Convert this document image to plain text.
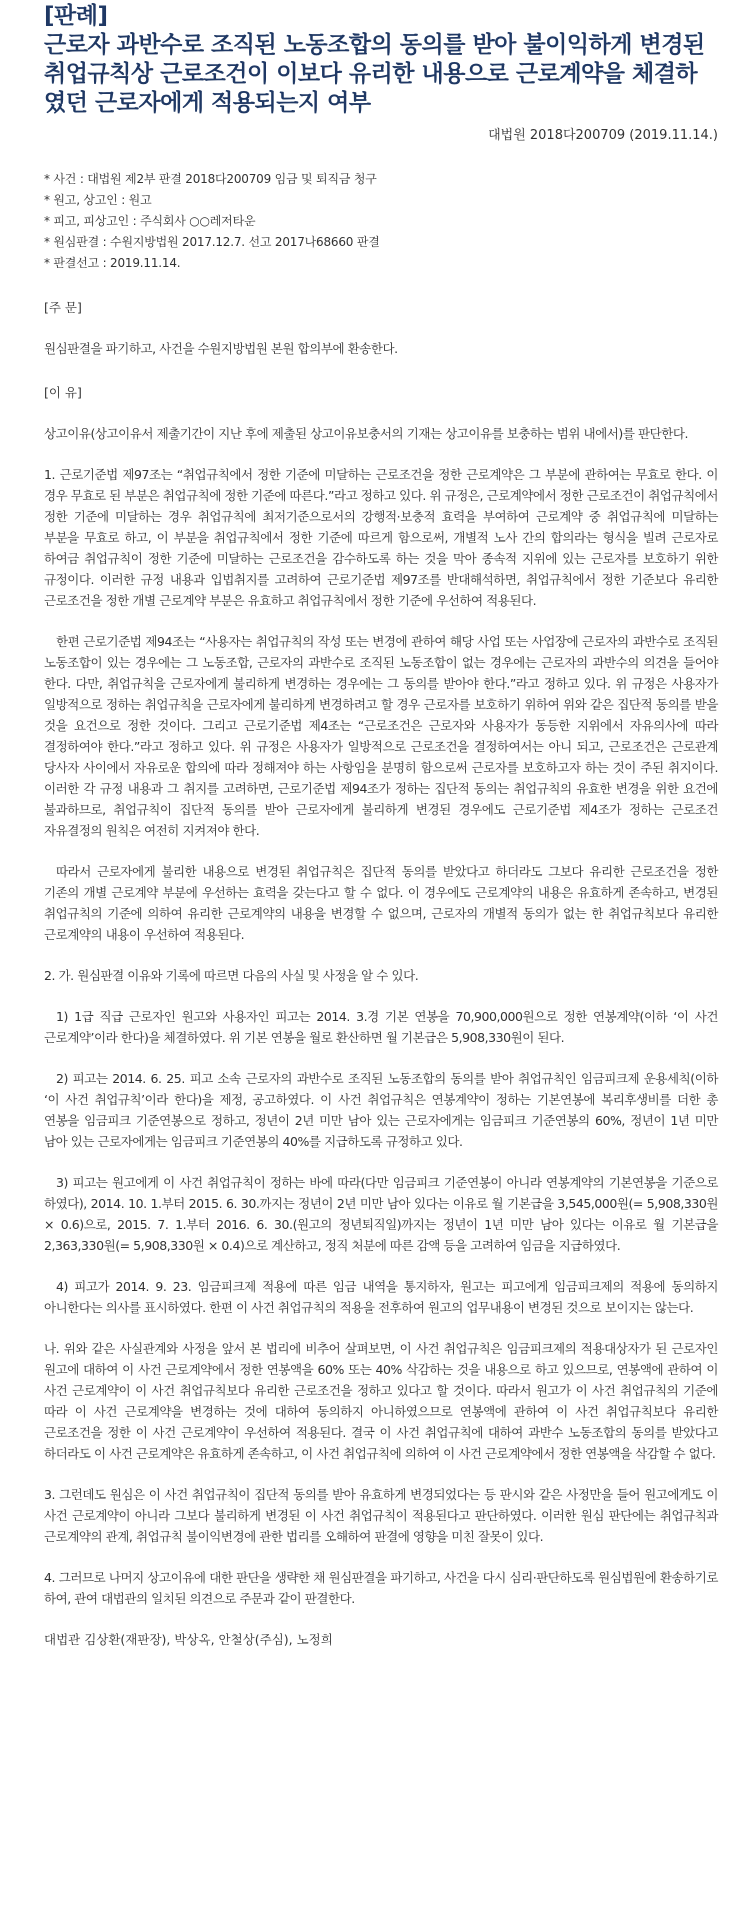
[판례]
근로자 과반수로 조직된 노동조합의 동의를 받아 불이익하게 변경된 취업규칙상 근로조건이 이보다 유리한 내용으로 근로계약을 체결하였던 근로자에게 적용되는지 여부
대법원 2018다200709 (2019.11.14.)
* 사건 : 대법원 제2부 판결 2018다200709 임금 및 퇴직금 청구
* 원고, 상고인 : 원고
* 피고, 피상고인 : 주식회사 ○○레저타운
* 원심판결 : 수원지방법원 2017.12.7. 선고 2017나68660 판결
* 판결선고 : 2019.11.14.
[주 문]
원심판결을 파기하고, 사건을 수원지방법원 본원 합의부에 환송한다.
[이 유]
상고이유(상고이유서 제출기간이 지난 후에 제출된 상고이유보충서의 기재는 상고이유를 보충하는 범위 내에서)를 판단한다.
1. 근로기준법 제97조는 “취업규칙에서 정한 기준에 미달하는 근로조건을 정한 근로계약은 그 부분에 관하여는 무효로 한다. 이 경우 무효로 된 부분은 취업규칙에 정한 기준에 따른다.”라고 정하고 있다. 위 규정은, 근로계약에서 정한 근로조건이 취업규칙에서 정한 기준에 미달하는 경우 취업규칙에 최저기준으로서의 강행적·보충적 효력을 부여하여 근로계약 중 취업규칙에 미달하는 부분을 무효로 하고, 이 부분을 취업규칙에서 정한 기준에 따르게 함으로써, 개별적 노사 간의 합의라는 형식을 빌려 근로자로 하여금 취업규칙이 정한 기준에 미달하는 근로조건을 감수하도록 하는 것을 막아 종속적 지위에 있는 근로자를 보호하기 위한 규정이다. 이러한 규정 내용과 입법취지를 고려하여 근로기준법 제97조를 반대해석하면, 취업규칙에서 정한 기준보다 유리한 근로조건을 정한 개별 근로계약 부분은 유효하고 취업규칙에서 정한 기준에 우선하여 적용된다.
한편 근로기준법 제94조는 “사용자는 취업규칙의 작성 또는 변경에 관하여 해당 사업 또는 사업장에 근로자의 과반수로 조직된 노동조합이 있는 경우에는 그 노동조합, 근로자의 과반수로 조직된 노동조합이 없는 경우에는 근로자의 과반수의 의견을 들어야 한다. 다만, 취업규칙을 근로자에게 불리하게 변경하는 경우에는 그 동의를 받아야 한다.”라고 정하고 있다. 위 규정은 사용자가 일방적으로 정하는 취업규칙을 근로자에게 불리하게 변경하려고 할 경우 근로자를 보호하기 위하여 위와 같은 집단적 동의를 받을 것을 요건으로 정한 것이다. 그리고 근로기준법 제4조는 “근로조건은 근로자와 사용자가 동등한 지위에서 자유의사에 따라 결정하여야 한다.”라고 정하고 있다. 위 규정은 사용자가 일방적으로 근로조건을 결정하여서는 아니 되고, 근로조건은 근로관계 당사자 사이에서 자유로운 합의에 따라 정해져야 하는 사항임을 분명히 함으로써 근로자를 보호하고자 하는 것이 주된 취지이다. 이러한 각 규정 내용과 그 취지를 고려하면, 근로기준법 제94조가 정하는 집단적 동의는 취업규칙의 유효한 변경을 위한 요건에 불과하므로, 취업규칙이 집단적 동의를 받아 근로자에게 불리하게 변경된 경우에도 근로기준법 제4조가 정하는 근로조건 자유결정의 원칙은 여전히 지켜져야 한다.
따라서 근로자에게 불리한 내용으로 변경된 취업규칙은 집단적 동의를 받았다고 하더라도 그보다 유리한 근로조건을 정한 기존의 개별 근로계약 부분에 우선하는 효력을 갖는다고 할 수 없다. 이 경우에도 근로계약의 내용은 유효하게 존속하고, 변경된 취업규칙의 기준에 의하여 유리한 근로계약의 내용을 변경할 수 없으며, 근로자의 개별적 동의가 없는 한 취업규칙보다 유리한 근로계약의 내용이 우선하여 적용된다.
2. 가. 원심판결 이유와 기록에 따르면 다음의 사실 및 사정을 알 수 있다.
1) 1급 직급 근로자인 원고와 사용자인 피고는 2014. 3.경 기본 연봉을 70,900,000원으로 정한 연봉계약(이하 ‘이 사건 근로계약’이라 한다)을 체결하였다. 위 기본 연봉을 월로 환산하면 월 기본급은 5,908,330원이 된다.
2) 피고는 2014. 6. 25. 피고 소속 근로자의 과반수로 조직된 노동조합의 동의를 받아 취업규칙인 임금피크제 운용세칙(이하 ‘이 사건 취업규칙’이라 한다)을 제정, 공고하였다. 이 사건 취업규칙은 연봉계약이 정하는 기본연봉에 복리후생비를 더한 총 연봉을 임금피크 기준연봉으로 정하고, 정년이 2년 미만 남아 있는 근로자에게는 임금피크 기준연봉의 60%, 정년이 1년 미만 남아 있는 근로자에게는 임금피크 기준연봉의 40%를 지급하도록 규정하고 있다.
3) 피고는 원고에게 이 사건 취업규칙이 정하는 바에 따라(다만 임금피크 기준연봉이 아니라 연봉계약의 기본연봉을 기준으로 하였다), 2014. 10. 1.부터 2015. 6. 30.까지는 정년이 2년 미만 남아 있다는 이유로 월 기본급을 3,545,000원(= 5,908,330원 × 0.6)으로, 2015. 7. 1.부터 2016. 6. 30.(원고의 정년퇴직일)까지는 정년이 1년 미만 남아 있다는 이유로 월 기본급을 2,363,330원(= 5,908,330원 × 0.4)으로 계산하고, 정직 처분에 따른 감액 등을 고려하여 임금을 지급하였다.
4) 피고가 2014. 9. 23. 임금피크제 적용에 따른 임금 내역을 통지하자, 원고는 피고에게 임금피크제의 적용에 동의하지 아니한다는 의사를 표시하였다. 한편 이 사건 취업규칙의 적용을 전후하여 원고의 업무내용이 변경된 것으로 보이지는 않는다.
나. 위와 같은 사실관계와 사정을 앞서 본 법리에 비추어 살펴보면, 이 사건 취업규칙은 임금피크제의 적용대상자가 된 근로자인 원고에 대하여 이 사건 근로계약에서 정한 연봉액을 60% 또는 40% 삭감하는 것을 내용으로 하고 있으므로, 연봉액에 관하여 이 사건 근로계약이 이 사건 취업규칙보다 유리한 근로조건을 정하고 있다고 할 것이다. 따라서 원고가 이 사건 취업규칙의 기준에 따라 이 사건 근로계약을 변경하는 것에 대하여 동의하지 아니하였으므로 연봉액에 관하여 이 사건 취업규칙보다 유리한 근로조건을 정한 이 사건 근로계약이 우선하여 적용된다. 결국 이 사건 취업규칙에 대하여 과반수 노동조합의 동의를 받았다고 하더라도 이 사건 근로계약은 유효하게 존속하고, 이 사건 취업규칙에 의하여 이 사건 근로계약에서 정한 연봉액을 삭감할 수 없다.
3. 그런데도 원심은 이 사건 취업규칙이 집단적 동의를 받아 유효하게 변경되었다는 등 판시와 같은 사정만을 들어 원고에게도 이 사건 근로계약이 아니라 그보다 불리하게 변경된 이 사건 취업규칙이 적용된다고 판단하였다. 이러한 원심 판단에는 취업규칙과 근로계약의 관계, 취업규칙 불이익변경에 관한 법리를 오해하여 판결에 영향을 미친 잘못이 있다.
4. 그러므로 나머지 상고이유에 대한 판단을 생략한 채 원심판결을 파기하고, 사건을 다시 심리·판단하도록 원심법원에 환송하기로 하여, 관여 대법관의 일치된 의견으로 주문과 같이 판결한다.
대법관 김상환(재판장), 박상옥, 안철상(주심), 노정희
